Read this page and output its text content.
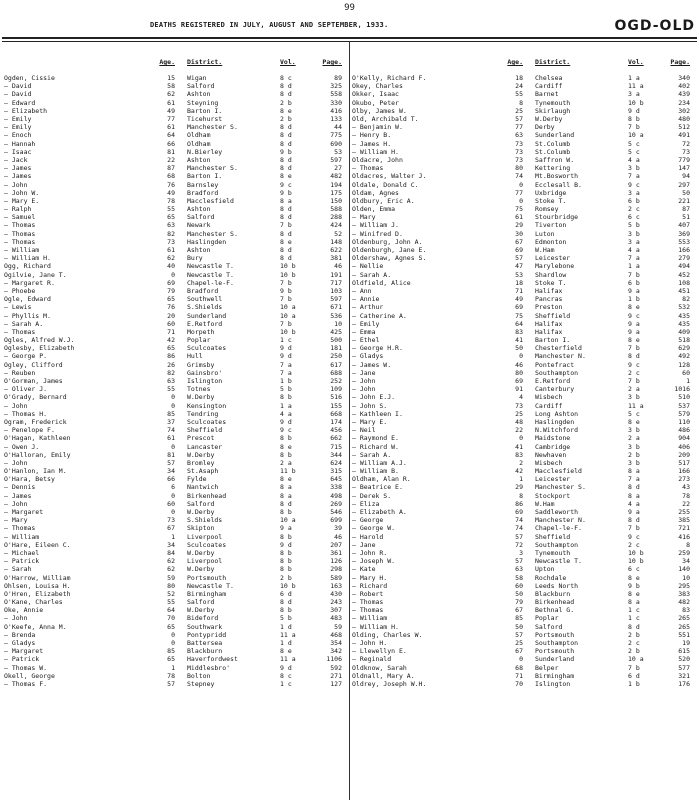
99
DEATHS REGISTERED IN JULY, AUGUST AND SEPTEMBER, 1933.	OGD-OLD
Age.	District.	Vol.	Page.
Ogden, Cissie	15	Wigan	8 c	89
— David	58	Salford	8 d	325
— David	62	Ashton	8 d	558
— Edward	61	Steyning	2 b	330
— Elizabeth	49	Barton I.	8 e	416
— Emily	77	Ticehurst	2 b	133
— Emily	61	Manchester S.	8 d	44
— Enoch	64	Oldham	8 d	775
— Hannah	66	Oldham	8 d	690
— Isaac	81	N.Bierley	9 b	53
— Jack	22	Ashton	8 d	597
— James	87	Manchester S.	8 d	27
— James	68	Barton I.	8 e	482
— John	76	Barnsley	9 c	194
— John W.	49	Bradford	9 b	175
— Mary E.	78	Macclesfield	8 a	150
— Ralph	55	Ashton	8 d	588
— Samuel	65	Salford	8 d	288
— Thomas	63	Newark	7 b	424
— Thomas	82	Manchester S.	8 d	52
— Thomas	73	Haslingden	8 e	148
— William	61	Ashton	8 d	622
— William H.	62	Bury	8 d	381
Ogg, Richard	40	Newcastle T.	10 b	46
Ogilvie, Jane T.	0	Newcastle T.	10 b	191
— Margaret R.	69	Chapel-le-F.	7 b	717
— Phoebe	79	Bradford	9 b	103
Ogle, Edward	65	Southwell	7 b	597
— Lewis	76	S.Shields	10 a	671
— Phyllis M.	20	Sunderland	10 a	536
— Sarah A.	60	E.Retford	7 b	10
— Thomas	71	Morpeth	10 b	425
Ogles, Alfred W.J.	42	Poplar	1 c	500
Oglesby, Elizabeth	65	Sculcoates	9 d	181
— George P.	86	Hull	9 d	250
Ogley, Clifford	26	Grimsby	7 a	617
— Reuben	82	Gainsbro'	7 a	688
O'Gorman, James	63	Islington	1 b	252
— Oliver J.	55	Totnes	5 b	109
O'Grady, Bernard	0	W.Derby	8 b	516
— John	0	Kensington	1 a	155
— Thomas H.	85	Tendring	4 a	668
Ogram, Frederick	37	Sculcoates	9 d	174
— Penelope F.	74	Sheffield	9 c	456
O'Hagan, Kathleen	61	Prescot	8 b	662
— Owen J.	0	Lancaster	8 e	715
O'Halloran, Emily	81	W.Derby	8 b	344
— John	57	Bromley	2 a	624
O'Hanlon, Ian M.	34	St.Asaph	11 b	315
O'Hara, Betsy	66	Fylde	8 e	645
— Dennis	6	Nantwich	8 a	338
— James	0	Birkenhead	8 a	498
— John	60	Salford	8 d	269
— Margaret	0	W.Derby	8 b	546
— Mary	73	S.Shields	10 a	699
— Thomas	67	Skipton	9 a	39
— William	1	Liverpool	8 b	46
O'Hare, Eileen C.	34	Sculcoates	9 d	207
— Michael	84	W.Derby	8 b	361
— Patrick	62	Liverpool	8 b	126
— Sarah	62	W.Derby	8 b	298
O'Harrow, William	59	Portsmouth	2 b	589
Ohlsen, Louisa H.	80	Newcastle T.	10 b	163
O'Hren, Elizabeth	52	Birmingham	6 d	430
O'Kane, Charles	55	Salford	8 d	243
Oke, Annie	64	W.Derby	8 b	307
— John	70	Bideford	5 b	483
O'Keefe, Anna M.	65	Southwark	1 d	59
— Brenda	0	Pontypridd	11 a	468
— Gladys	0	Battersea	1 d	354
— Margaret	85	Blackburn	8 e	342
— Patrick	65	Haverfordwest	11 a	1106
— Thomas W.	1	Middlesbro'	9 d	592
Okell, George	78	Bolton	8 c	271
— Thomas F.	57	Stepney	1 c	127
Age.	District.	Vol.	Page.
O'Kelly, Richard F.	18	Chelsea	1 a	340
Okey, Charles	24	Cardiff	11 a	402
Okker, Isaac	55	Barnet	3 a	439
Okubo, Peter	8	Tynemouth	10 b	234
Olby, James W.	25	Skirlaugh	9 d	302
Old, Archibald T.	57	W.Derby	8 b	480
— Benjamin W.	77	Derby	7 b	512
— Henry B.	63	Sunderland	10 a	491
— James H.	73	St.Columb	5 c	72
— William H.	73	St.Columb	5 c	73
Oldacre, John	73	Saffron W.	4 a	779
— Thomas	80	Kettering	3 b	147
Oldacres, Walter J.	74	Mt.Bosworth	7 a	94
Oldale, Donald C.	0	Ecclesall B.	9 c	297
Oldam, Agnes	77	Uxbridge	3 a	50
Oldbury, Eric A.	0	Stoke T.	6 b	221
Olden, Emma	75	Romsey	2 c	87
— Mary	61	Stourbridge	6 c	51
— William J.	29	Tiverton	5 b	407
— Winifred D.	30	Luton	3 b	369
Oldenburg, John A.	67	Edmonton	3 a	553
Oldenburgh, Jane E.	69	W.Ham	4 a	166
Oldershaw, Agnes S.	57	Leicester	7 a	279
— Nellie	47	Marylebone	1 a	494
— Sarah A.	53	Shardlow	7 b	452
Oldfield, Alice	18	Stoke T.	6 b	108
— Ann	71	Halifax	9 a	451
— Annie	49	Pancras	1 b	82
— Arthur	69	Preston	8 e	532
— Catherine A.	75	Sheffield	9 c	435
— Emily	64	Halifax	9 a	435
— Emma	83	Halifax	9 a	409
— Ethel	41	Barton I.	8 e	518
— George H.R.	50	Chesterfield	7 b	629
— Gladys	0	Manchester N.	8 d	492
— James W.	46	Pontefract	9 c	128
— Jane	80	Southampton	2 c	60
— John	69	E.Retford	7 b	1
— John	91	Canterbury	2 a	1016
— John E.J.	4	Wisbech	3 b	510
— John S.	73	Cardiff	11 a	537
— Kathleen I.	25	Long Ashton	5 c	579
— Mary E.	48	Haslingden	8 e	110
— Neil	22	N.Witchford	3 b	486
— Raymond E.	0	Maidstone	2 a	904
— Richard W.	41	Cambridge	3 b	406
— Sarah A.	83	Newhaven	2 b	209
— William A.J.	2	Wisbech	3 b	517
— William B.	42	Macclesfield	8 a	166
Oldham, Alan R.	1	Leicester	7 a	273
— Beatrice E.	29	Manchester S.	8 d	43
— Derek S.	8	Stockport	8 a	78
— Eliza	86	W.Ham	4 a	22
— Elizabeth A.	69	Saddleworth	9 a	255
— George	74	Manchester N.	8 d	385
— George W.	74	Chapel-le-F.	7 b	721
— Harold	57	Sheffield	9 c	416
— Jane	72	Southampton	2 c	8
— John R.	3	Tynemouth	10 b	259
— Joseph W.	57	Newcastle T.	10 b	34
— Kate	63	Upton	6 c	140
— Mary H.	58	Rochdale	8 e	10
— Richard	60	Leeds North	9 b	295
— Robert	50	Blackburn	8 e	383
— Thomas	79	Birkenhead	8 a	482
— Thomas	67	Bethnal G.	1 c	83
— William	85	Poplar	1 c	265
— William H.	50	Salford	8 d	265
Olding, Charles W.	57	Portsmouth	2 b	551
— John H.	25	Southampton	2 c	19
— Llewellyn E.	67	Portsmouth	2 b	615
— Reginald	0	Sunderland	10 a	520
Oldknow, Sarah	68	Belper	7 b	577
Oldnall, Mary A.	71	Birmingham	6 d	321
Oldrey, Joseph W.H.	70	Islington	1 b	176
